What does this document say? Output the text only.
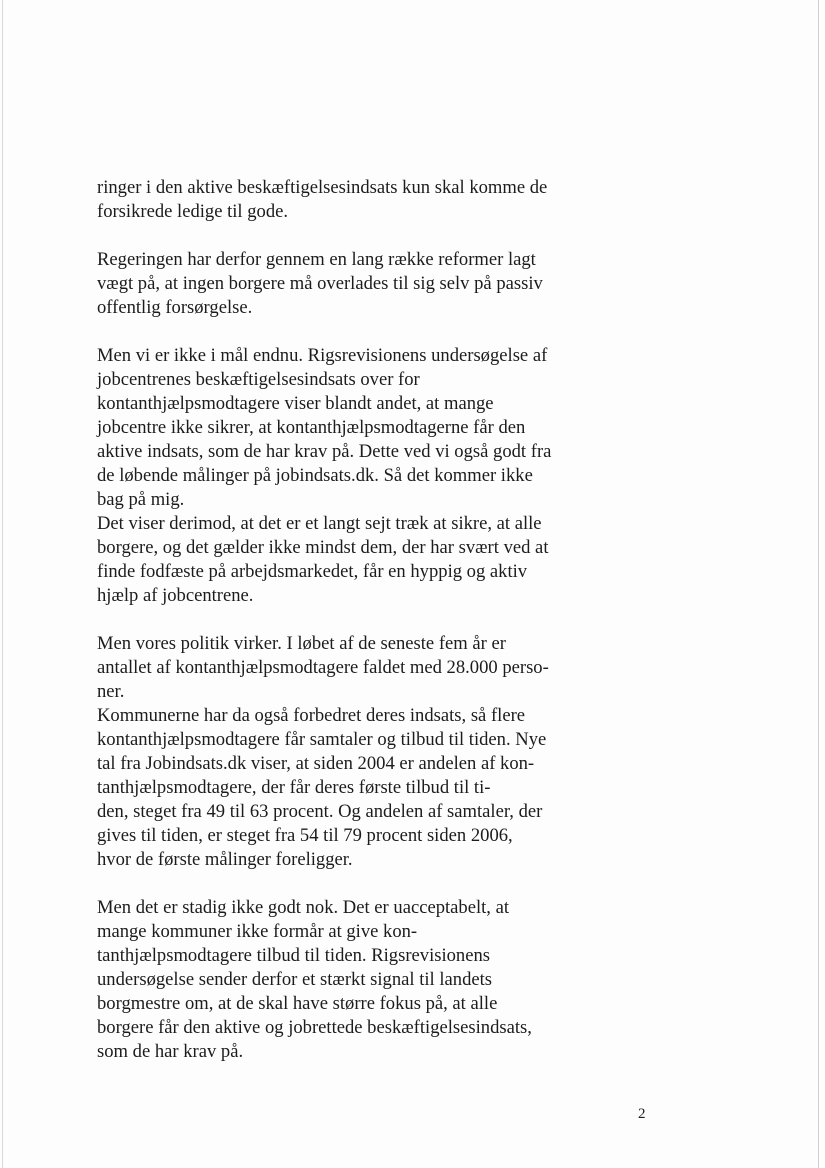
ringer i den aktive beskæftigelsesindsats kun skal komme de
forsikrede ledige til gode.
Regeringen har derfor gennem en lang række reformer lagt
vægt på, at ingen borgere må overlades til sig selv på passiv
offentlig forsørgelse.
Men vi er ikke i mål endnu. Rigsrevisionens undersøgelse af
jobcentrenes beskæftigelsesindsats over for
kontanthjælpsmodtagere viser blandt andet, at mange
jobcentre ikke sikrer, at kontanthjælpsmodtagerne får den
aktive indsats, som de har krav på. Dette ved vi også godt fra
de løbende målinger på jobindsats.dk. Så det kommer ikke
bag på mig.
Det viser derimod, at det er et langt sejt træk at sikre, at alle
borgere, og det gælder ikke mindst dem, der har svært ved at
finde fodfæste på arbejdsmarkedet, får en hyppig og aktiv
hjælp af jobcentrene.
Men vores politik virker. I løbet af de seneste fem år er
antallet af kontanthjælpsmodtagere faldet med 28.000 perso-
ner.
Kommunerne har da også forbedret deres indsats, så flere
kontanthjælpsmodtagere får samtaler og tilbud til tiden. Nye
tal fra Jobindsats.dk viser, at siden 2004 er andelen af kon-
tanthjælpsmodtagere, der får deres første tilbud til ti-
den, steget fra 49 til 63 procent. Og andelen af samtaler, der
gives til tiden, er steget fra 54 til 79 procent siden 2006,
hvor de første målinger foreligger.
Men det er stadig ikke godt nok. Det er uacceptabelt, at
mange kommuner ikke formår at give kon-
tanthjælpsmodtagere tilbud til tiden. Rigsrevisionens
undersøgelse sender derfor et stærkt signal til landets
borgmestre om, at de skal have større fokus på, at alle
borgere får den aktive og jobrettede beskæftigelsesindsats,
som de har krav på.
2
